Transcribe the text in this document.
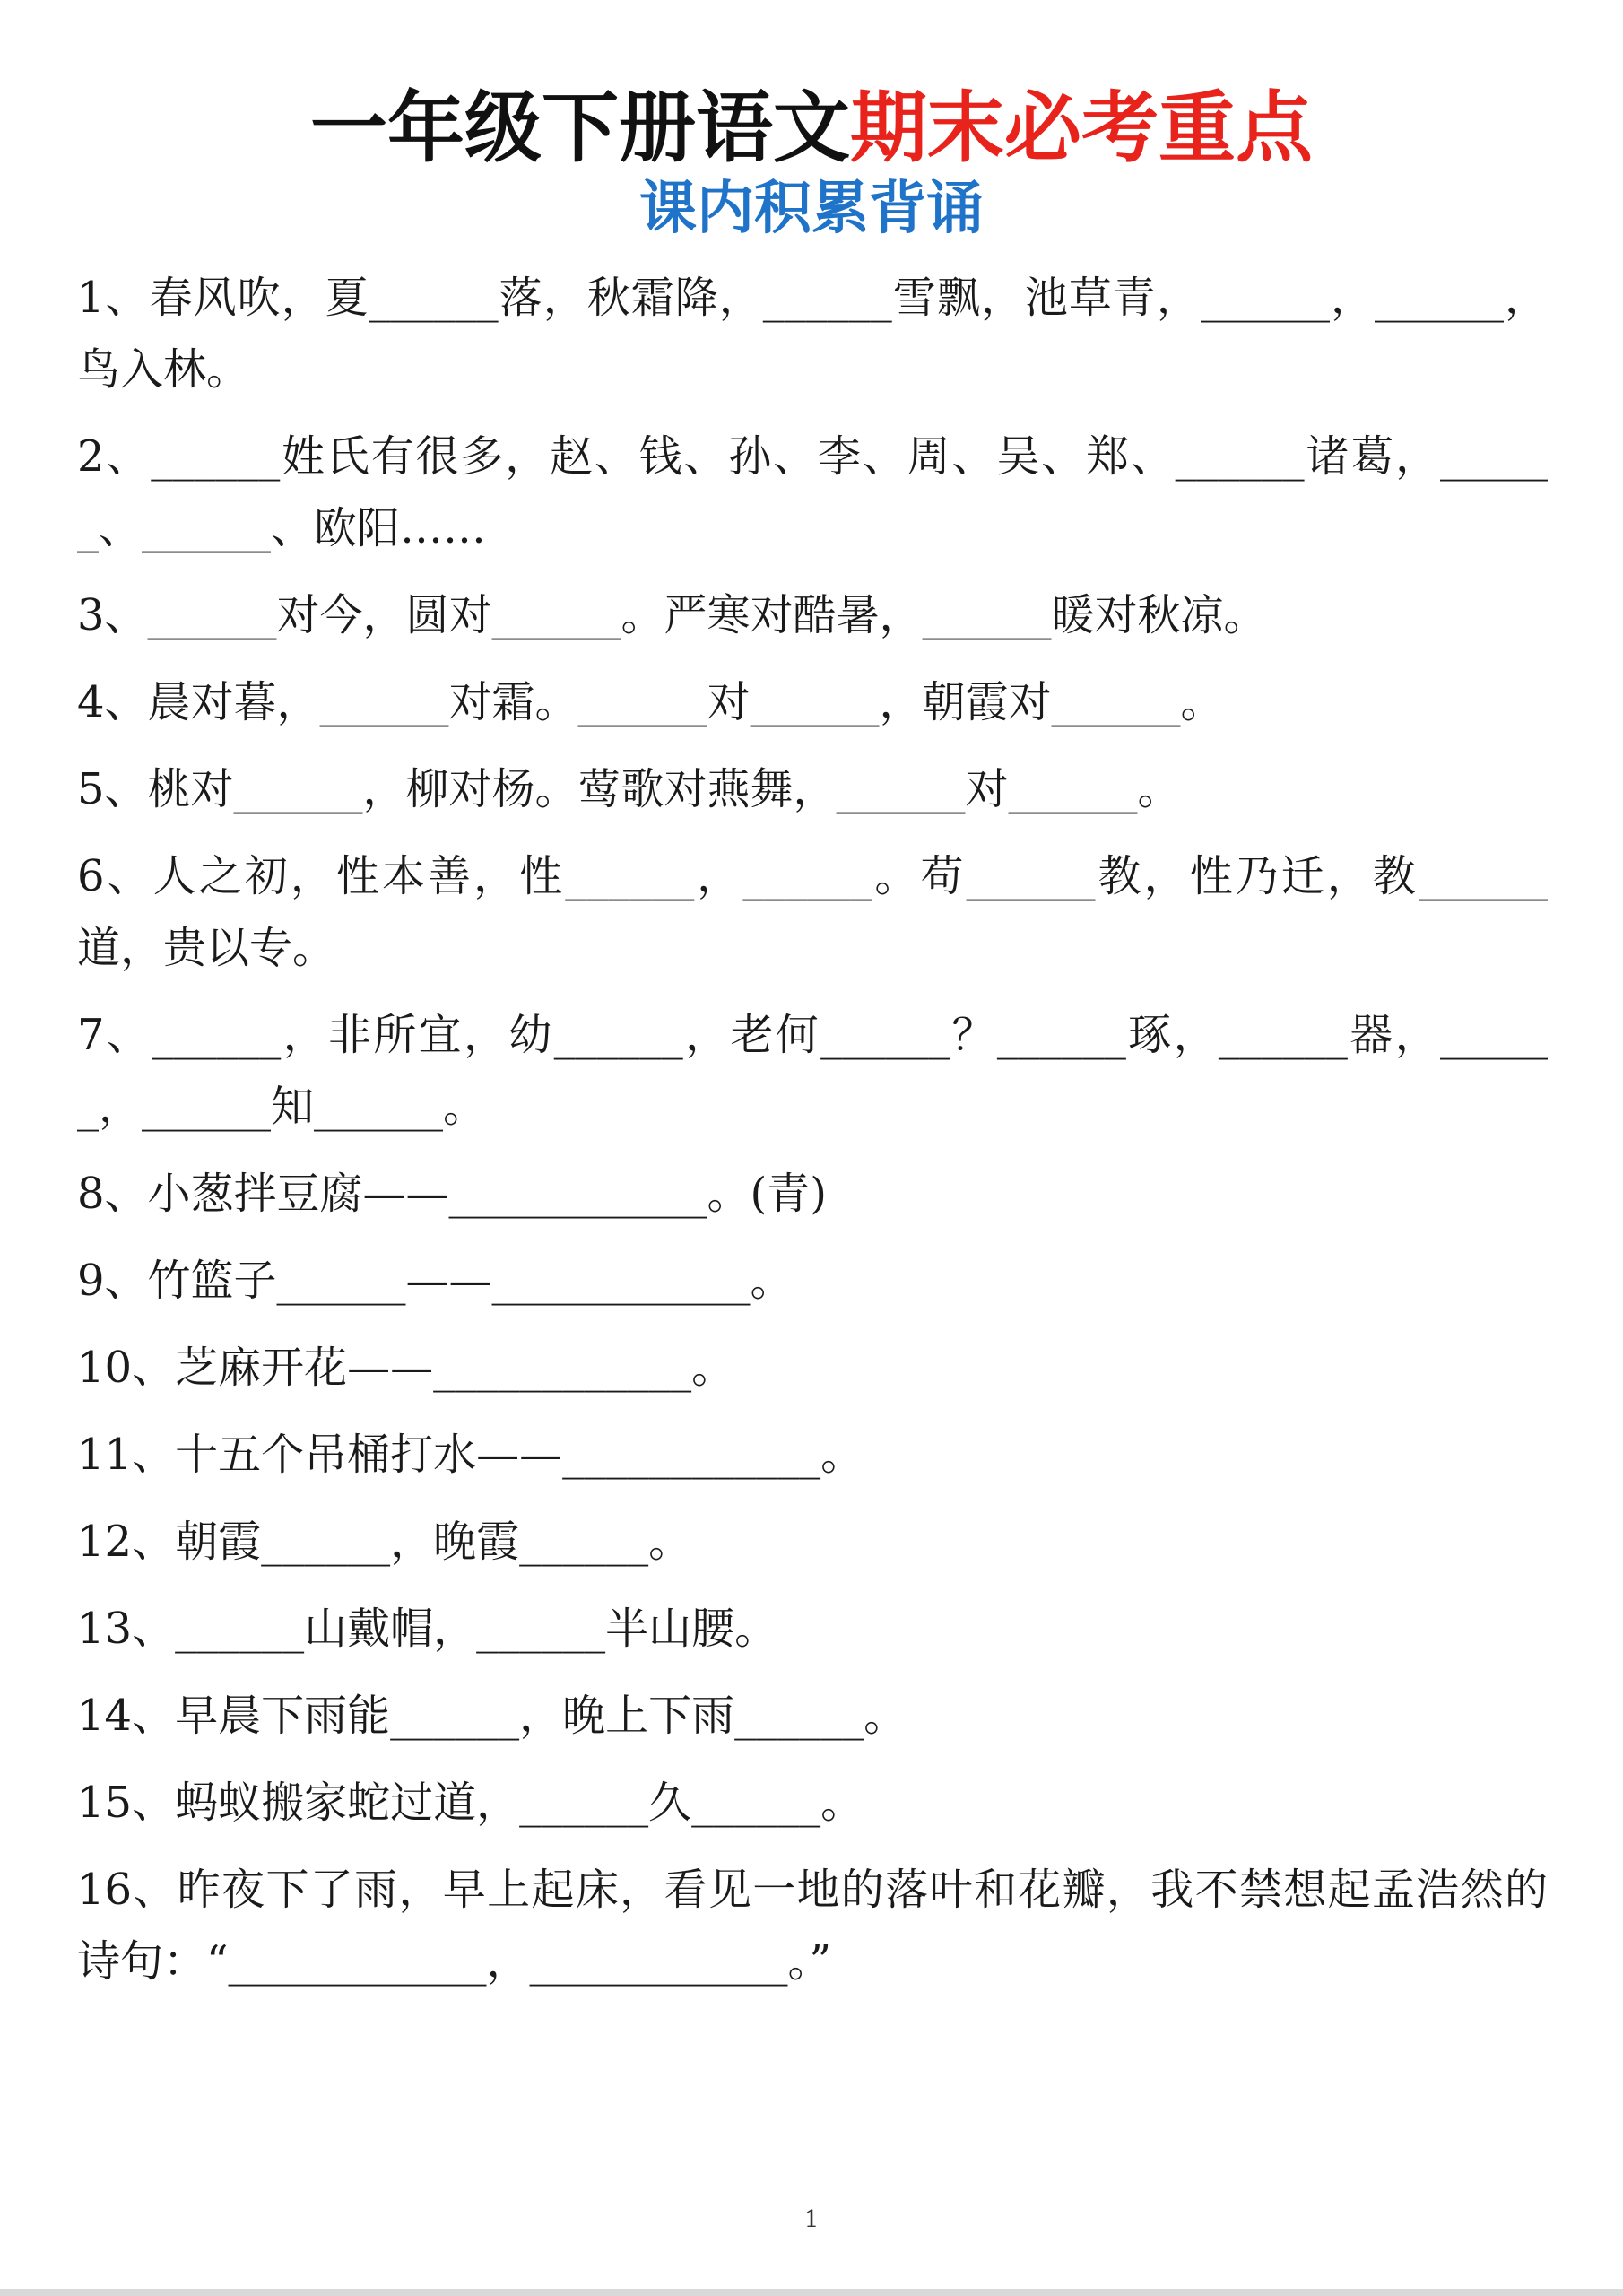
一年级下册语文期末必考重点
课内积累背诵
1、春风吹，夏______落，秋霜降，______雪飘，池草青，______，______，鸟入林。
2、______姓氏有很多，赵、钱、孙、李、周、吴、郑、______诸葛，______、______、欧阳……
3、______对今，圆对______。严寒对酷暑，______暖对秋凉。
4、晨对暮，______对霜。______对______，朝霞对______。
5、桃对______，柳对杨。莺歌对燕舞，______对______。
6、人之初，性本善，性______，______。苟______教，性乃迁，教______道，贵以专。
7、______，非所宜，幼______，老何______？______琢，______器，______，______知______。
8、小葱拌豆腐——____________。(青)
9、竹篮子______——____________。
10、芝麻开花——____________。
11、十五个吊桶打水——____________。
12、朝霞______，晚霞______。
13、______山戴帽，______半山腰。
14、早晨下雨能______，晚上下雨______。
15、蚂蚁搬家蛇过道，______久______。
16、昨夜下了雨，早上起床，看见一地的落叶和花瓣，我不禁想起孟浩然的诗句：“____________，____________。”
1
